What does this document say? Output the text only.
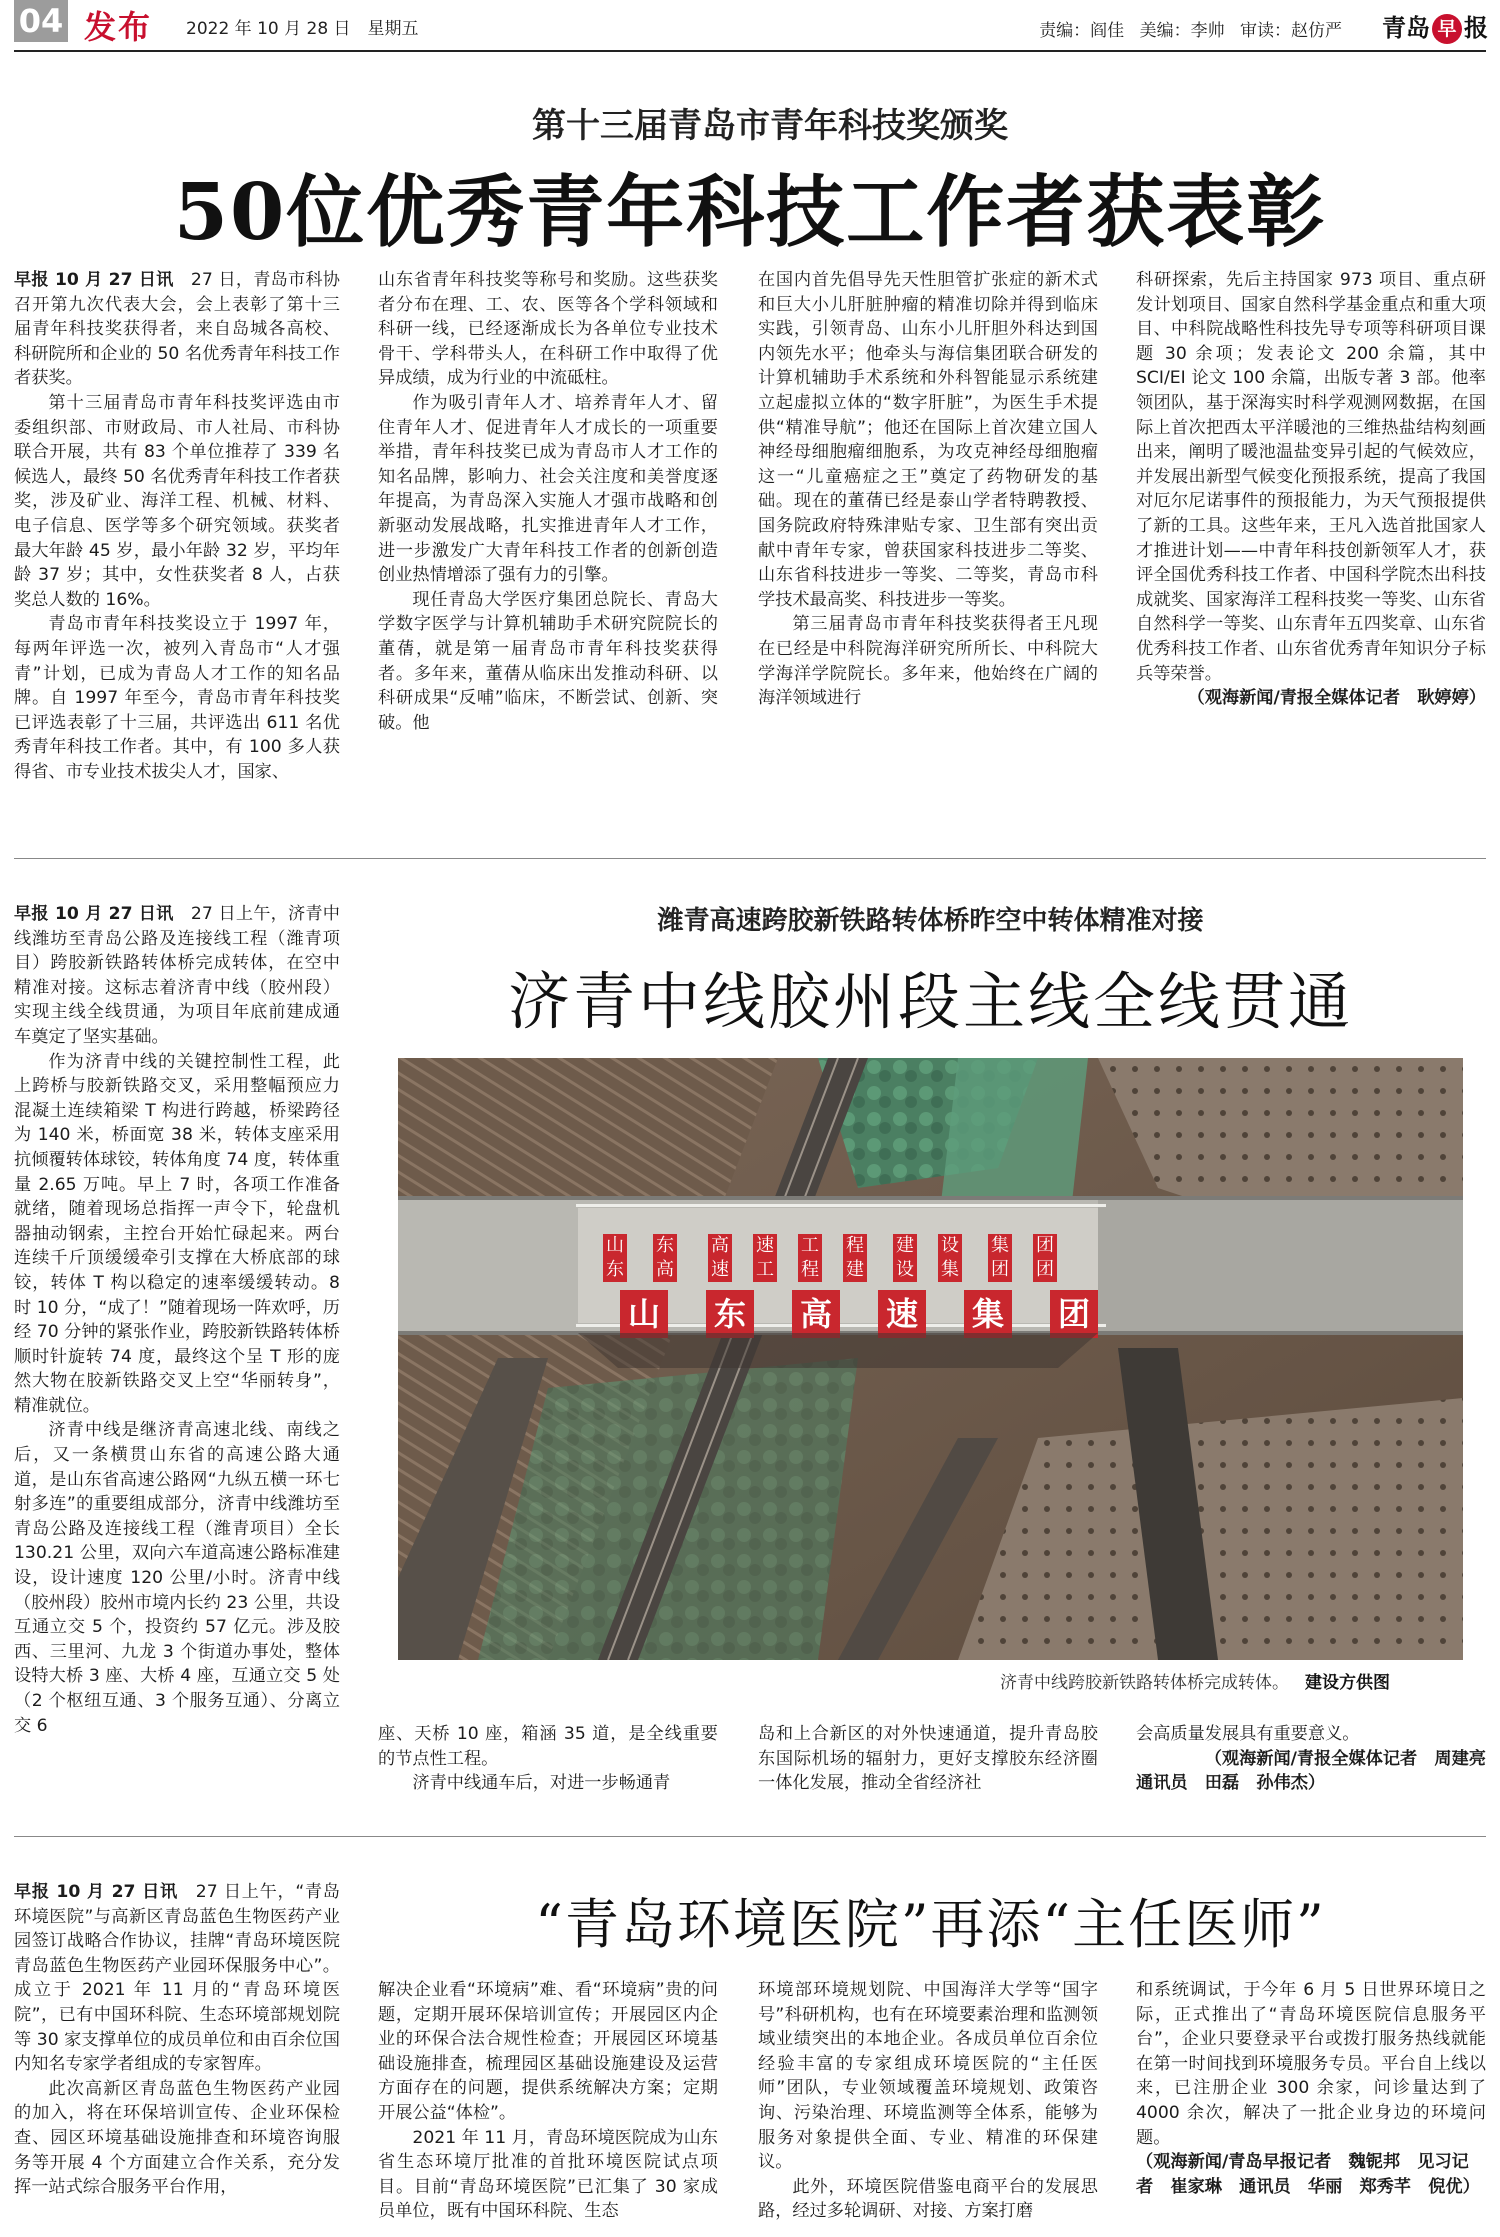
04 发布 2022 年 10 月 28 日　星期五	责编：阎佳 美编：李帅 审读：赵仿严 青岛 早 报
第十三届青岛市青年科技奖颁奖
50位优秀青年科技工作者获表彰

早报 10 月 27 日讯　 27 日，青岛市科协召开第九次代表大会，会上表彰了第十三届青年科技奖获得者，来自岛城各高校、科研院所和企业的 50 名优秀青年科技工作者获奖。

第十三届青岛市青年科技奖评选由市委组织部、市财政局、市人社局、市科协联合开展，共有 83 个单位推荐了 339 名候选人，最终 50 名优秀青年科技工作者获奖，涉及矿业、海洋工程、机械、材料、电子信息、医学等多个研究领域。获奖者最大年龄 45 岁，最小年龄 32 岁，平均年龄 37 岁；其中，女性获奖者 8 人，占获奖总人数的 16%。

青岛市青年科技奖设立于 1997 年，每两年评选一次，被列入青岛市“人才强青”计划，已成为青岛人才工作的知名品牌。自 1997 年至今，青岛市青年科技奖已评选表彰了十三届，共评选出 611 名优秀青年科技工作者。其中，有 100 多人获得省、市专业技术拔尖人才，国家、

山东省青年科技奖等称号和奖励。这些获奖者分布在理、工、农、医等各个学科领域和科研一线，已经逐渐成长为各单位专业技术骨干、学科带头人，在科研工作中取得了优异成绩，成为行业的中流砥柱。

作为吸引青年人才、培养青年人才、留住青年人才、促进青年人才成长的一项重要举措，青年科技奖已成为青岛市人才工作的知名品牌，影响力、社会关注度和美誉度逐年提高，为青岛深入实施人才强市战略和创新驱动发展战略，扎实推进青年人才工作，进一步激发广大青年科技工作者的创新创造创业热情增添了强有力的引擎。

现任青岛大学医疗集团总院长、青岛大学数字医学与计算机辅助手术研究院院长的董蒨，就是第一届青岛市青年科技奖获得者。多年来，董蒨从临床出发推动科研、以科研成果“反哺”临床，不断尝试、创新、突破。他

在国内首先倡导先天性胆管扩张症的新术式和巨大小儿肝脏肿瘤的精准切除并得到临床实践，引领青岛、山东小儿肝胆外科达到国内领先水平；他牵头与海信集团联合研发的计算机辅助手术系统和外科智能显示系统建立起虚拟立体的“数字肝脏”，为医生手术提供“精准导航”；他还在国际上首次建立国人神经母细胞瘤细胞系，为攻克神经母细胞瘤这一“儿童癌症之王”奠定了药物研发的基础。现在的董蒨已经是泰山学者特聘教授、国务院政府特殊津贴专家、卫生部有突出贡献中青年专家，曾获国家科技进步二等奖、山东省科技进步一等奖、二等奖，青岛市科学技术最高奖、科技进步一等奖。

第三届青岛市青年科技奖获得者王凡现在已经是中科院海洋研究所所长、中科院大学海洋学院院长。多年来，他始终在广阔的海洋领域进行

科研探索，先后主持国家 973 项目、重点研发计划项目、国家自然科学基金重点和重大项目、中科院战略性科技先导专项等科研项目课题 30 余项；发表论文 200 余篇，其中 SCI/EI 论文 100 余篇，出版专著 3 部。他率领团队，基于深海实时科学观测网数据，在国际上首次把西太平洋暖池的三维热盐结构刻画出来，阐明了暖池温盐变异引起的气候效应，并发展出新型气候变化预报系统，提高了我国对厄尔尼诺事件的预报能力，为天气预报提供了新的工具。这些年来，王凡入选首批国家人才推进计划——中青年科技创新领军人才，获评全国优秀科技工作者、中国科学院杰出科技成就奖、国家海洋工程科技奖一等奖、山东省自然科学一等奖、山东青年五四奖章、山东省优秀科技工作者、山东省优秀青年知识分子标兵等荣誉。

（观海新闻/青报全媒体记者　耿婷婷）

潍青高速跨胶新铁路转体桥昨空中转体精准对接
济青中线胶州段主线全线贯通

早报 10 月 27 日讯　 27 日上午，济青中线潍坊至青岛公路及连接线工程（潍青项目）跨胶新铁路转体桥完成转体，在空中精准对接。这标志着济青中线（胶州段）实现主线全线贯通，为项目年底前建成通车奠定了坚实基础。

作为济青中线的关键控制性工程，此上跨桥与胶新铁路交叉，采用整幅预应力混凝土连续箱梁 T 构进行跨越，桥梁跨径为 140 米，桥面宽 38 米，转体支座采用抗倾覆转体球铰，转体角度 74 度，转体重量 2.65 万吨。早上 7 时，各项工作准备就绪，随着现场总指挥一声令下，轮盘机器抽动钢索，主控台开始忙碌起来。两台连续千斤顶缓缓牵引支撑在大桥底部的球铰，转体 T 构以稳定的速率缓缓转动。8 时 10 分，“成了！”随着现场一阵欢呼，历经 70 分钟的紧张作业，跨胶新铁路转体桥顺时针旋转 74 度，最终这个呈 T 形的庞然大物在胶新铁路交叉上空“华丽转身”，精准就位。

济青中线是继济青高速北线、南线之后，又一条横贯山东省的高速公路大通道，是山东省高速公路网“九纵五横一环七射多连”的重要组成部分，济青中线潍坊至青岛公路及连接线工程（潍青项目）全长 130.21 公里，双向六车道高速公路标准建设，设计速度 120 公里/小时。济青中线（胶州段）胶州市境内长约 23 公里，共设互通立交 5 个，投资约 57 亿元。涉及胶西、三里河、九龙 3 个街道办事处，整体设特大桥 3 座、大桥 4 座，互通立交 5 处（2 个枢纽互通、3 个服务互通）、分离立交 6

山 东 高 速 集 团
山东
东高
高速
速工
工程
程建
建设
设集
集团
团团
济青中线跨胶新铁路转体桥完成转体。 建设方供图

座、天桥 10 座，箱涵 35 道，是全线重要的节点性工程。

济青中线通车后，对进一步畅通青

岛和上合新区的对外快速通道，提升青岛胶东国际机场的辐射力，更好支撑胶东经济圈一体化发展，推动全省经济社

会高质量发展具有重要意义。

（观海新闻/青报全媒体记者　周建亮

通讯员　田磊　孙伟杰）

“青岛环境医院”再添“主任医师”

早报 10 月 27 日讯　 27 日上午，“青岛环境医院”与高新区青岛蓝色生物医药产业园签订战略合作协议，挂牌“青岛环境医院青岛蓝色生物医药产业园环保服务中心”。成立于 2021 年 11 月的“青岛环境医院”，已有中国环科院、生态环境部规划院等 30 家支撑单位的成员单位和由百余位国内知名专家学者组成的专家智库。

此次高新区青岛蓝色生物医药产业园的加入，将在环保培训宣传、企业环保检查、园区环境基础设施排查和环境咨询服务等开展 4 个方面建立合作关系，充分发挥一站式综合服务平台作用，

解决企业看“环境病”难、看“环境病”贵的问题，定期开展环保培训宣传；开展园区内企业的环保合法合规性检查；开展园区环境基础设施排查，梳理园区基础设施建设及运营方面存在的问题，提供系统解决方案；定期开展公益“体检”。

2021 年 11 月，青岛环境医院成为山东省生态环境厅批准的首批环境医院试点项目。目前“青岛环境医院”已汇集了 30 家成员单位，既有中国环科院、生态

环境部环境规划院、中国海洋大学等“国字号”科研机构，也有在环境要素治理和监测领域业绩突出的本地企业。各成员单位百余位经验丰富的专家组成环境医院的“主任医师”团队，专业领域覆盖环境规划、政策咨询、污染治理、环境监测等全体系，能够为服务对象提供全面、专业、精准的环保建议。

此外，环境医院借鉴电商平台的发展思路，经过多轮调研、对接、方案打磨

和系统调试，于今年 6 月 5 日世界环境日之际，正式推出了“青岛环境医院信息服务平台”，企业只要登录平台或拨打服务热线就能在第一时间找到环境服务专员。平台自上线以来，已注册企业 300 余家，问诊量达到了 4000 余次，解决了一批企业身边的环境问题。

（观海新闻/青岛早报记者　魏铌邦　见习记者　崔家琳　通讯员　华丽　郑秀芊　倪优）
